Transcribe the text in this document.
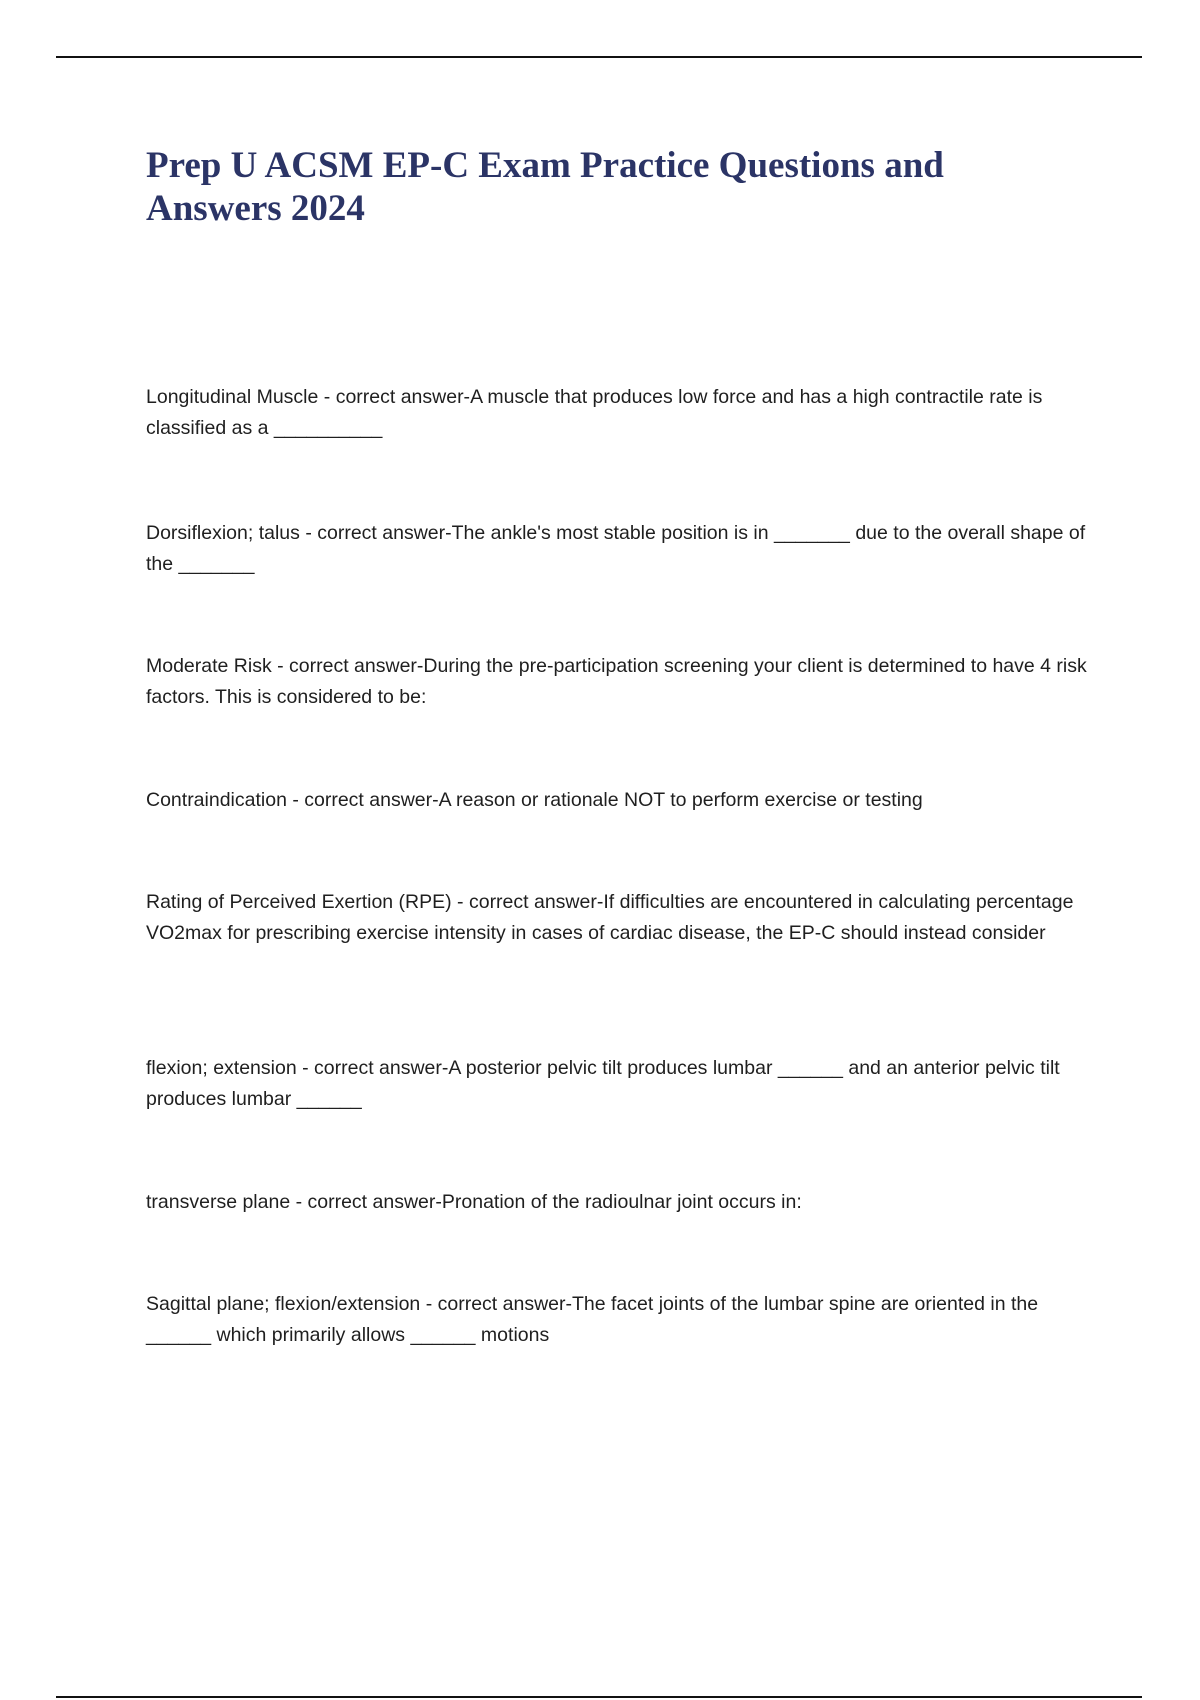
Prep U ACSM EP-C Exam Practice Questions and Answers 2024

Longitudinal Muscle - correct answer-A muscle that produces low force and has a high contractile rate is classified as a __________

Dorsiflexion; talus - correct answer-The ankle's most stable position is in _______ due to the overall shape of the _______

Moderate Risk - correct answer-During the pre-participation screening your client is determined to have 4 risk factors. This is considered to be:

Contraindication - correct answer-A reason or rationale NOT to perform exercise or testing

Rating of Perceived Exertion (RPE) - correct answer-If difficulties are encountered in calculating percentage VO2max for prescribing exercise intensity in cases of cardiac disease, the EP-C should instead consider

flexion; extension - correct answer-A posterior pelvic tilt produces lumbar ______ and an anterior pelvic tilt produces lumbar ______

transverse plane - correct answer-Pronation of the radioulnar joint occurs in:

Sagittal plane; flexion/extension - correct answer-The facet joints of the lumbar spine are oriented in the ______ which primarily allows ______ motions
